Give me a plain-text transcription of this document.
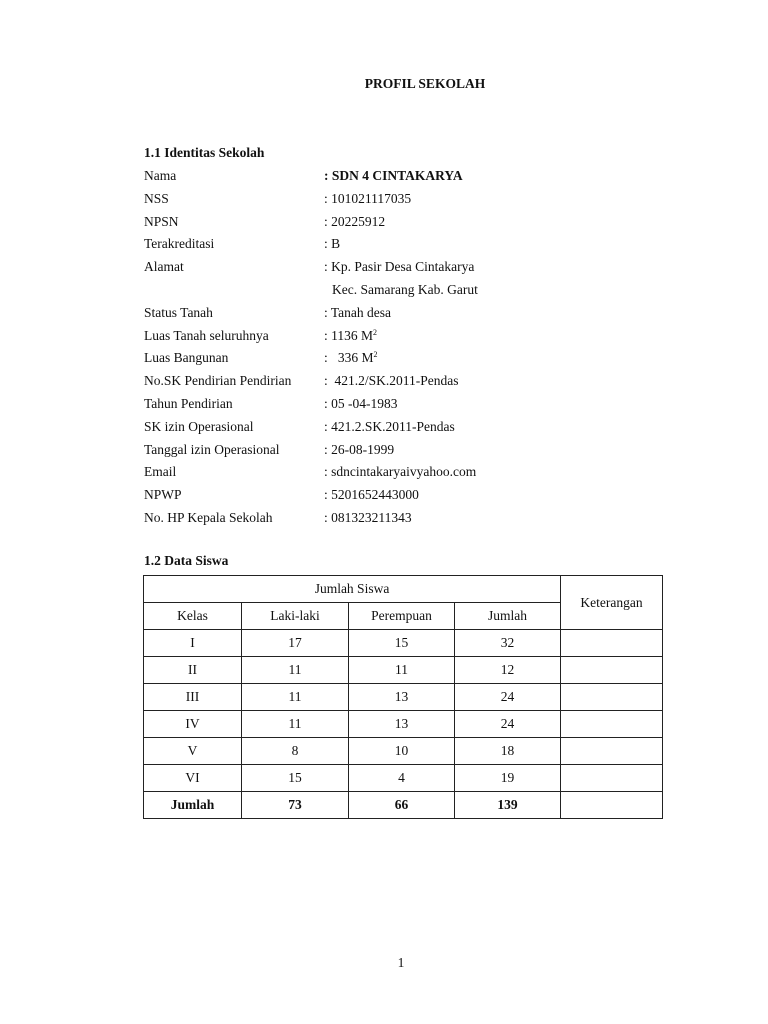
PROFIL SEKOLAH
1.1 Identitas Sekolah
Nama	: SDN 4 CINTAKARYA
NSS	: 101021117035
NPSN	: 20225912
Terakreditasi	: B
Alamat	: Kp. Pasir Desa Cintakarya
Kec. Samarang Kab. Garut
Status Tanah	: Tanah desa
Luas Tanah seluruhnya	: 1136 $M^2$
Luas Bangunan	:   336 $M^2$
No.SK Pendirian Pendirian :  421.2/SK.2011-Pendas
Tahun Pendirian	: 05 -04-1983
SK izin Operasional	: 421.2.SK.2011-Pendas
Tanggal izin Operasional	: 26-08-1999
Email	: sdncintakaryaivyahoo.com
NPWP	: 5201652443000
No. HP Kepala Sekolah	: 081323211343
1.2 Data Siswa
Jumlah Siswa				Keterangan
Kelas	Laki-laki	Perempuan	Jumlah	
I	17	15	32	
II	11	11	12	
III	11	13	24	
IV	11	13	24	
V	8	10	18	
VI	15	4	19	
Jumlah	73	66	139	
1
